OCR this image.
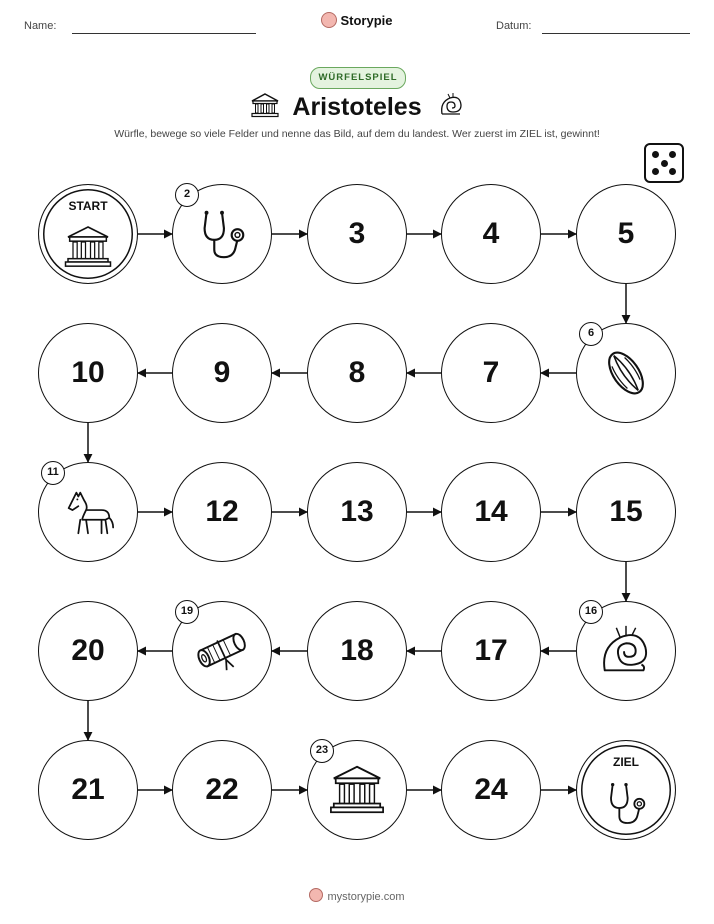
Name:	Storypie	Datum:
WÜRFELSPIEL
Aristoteles
Würfle, bewege so viele Felder und nenne das Bild, auf dem du landest. Wer zuerst im ZIEL ist, gewinnt!
START
2
3	4	5
10	9	8	7
6
11
12	13	14	15
20
19
18	17
16
21	22
23
24
ZIEL
mystorypie.com
